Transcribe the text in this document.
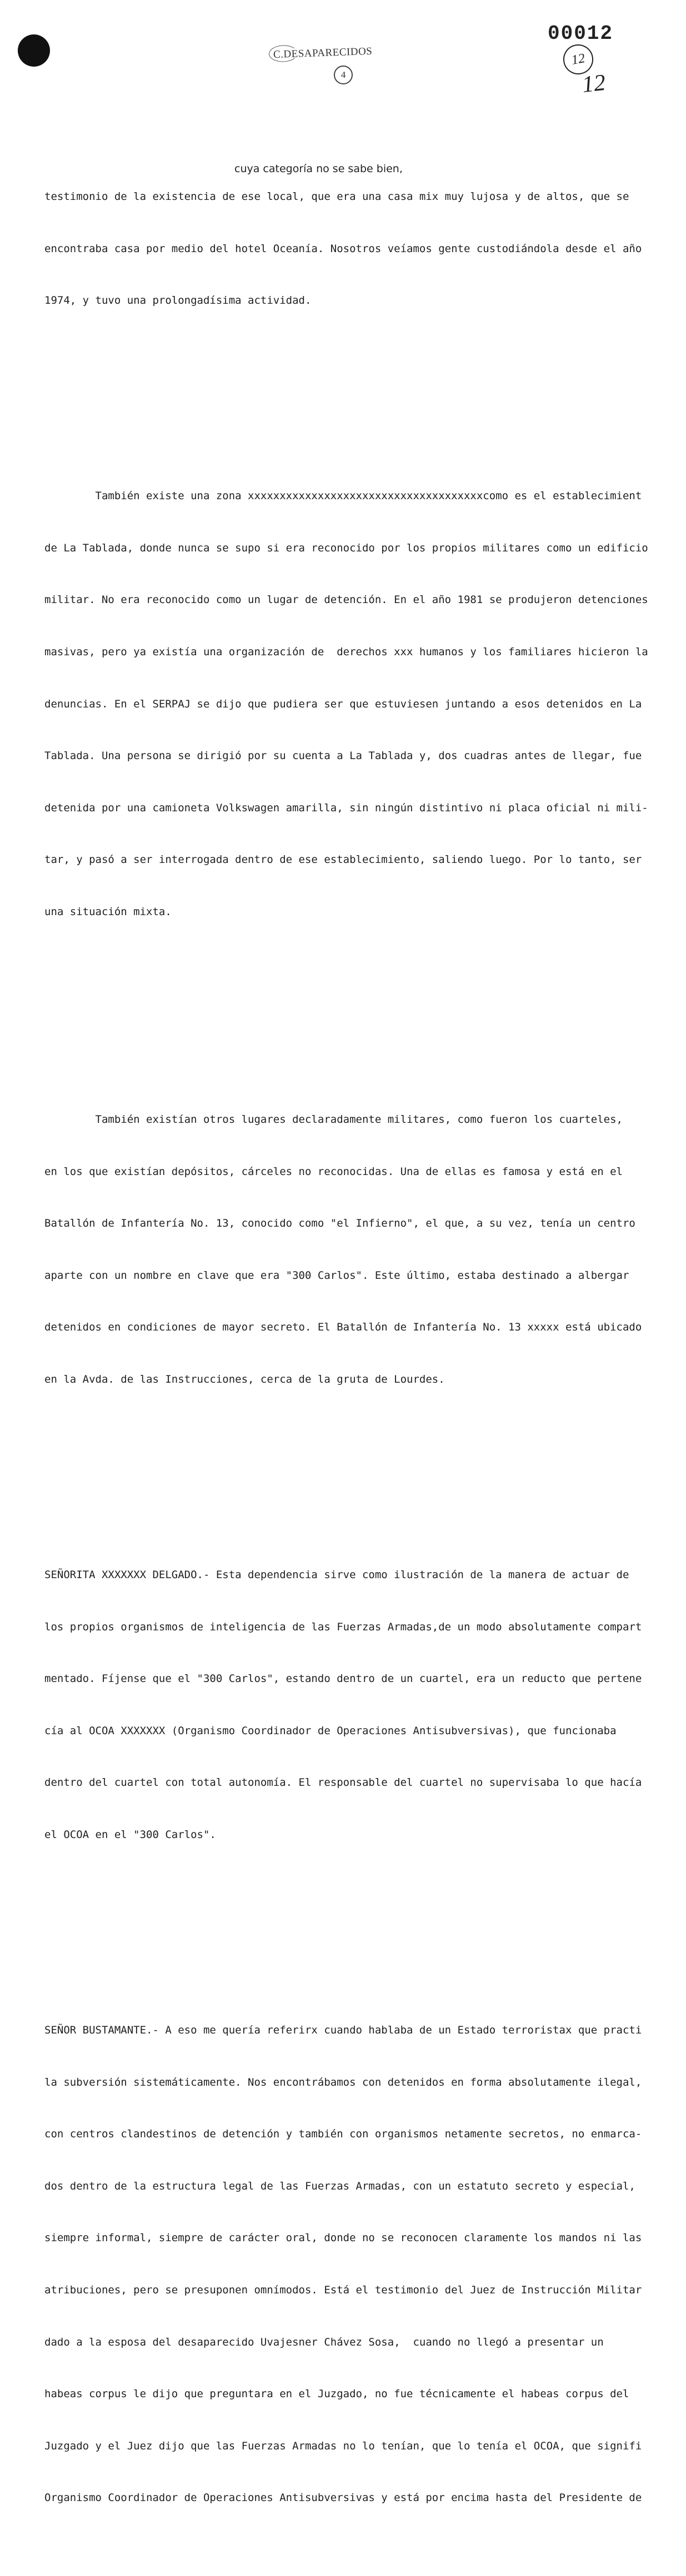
C.DESAPARECIDOS
4
00012
12
12
cuya categoría no se sabe bien,

testimonio de la existencia de ese local, que era una casa mix muy lujosa y de altos, que se

encontraba casa por medio del hotel Oceanía. Nosotros veíamos gente custodiándola desde el año

1974, y tuvo una prolongadísima actividad.

También existe una zona xxxxxxxxxxxxxxxxxxxxxxxxxxxxxxxxxxxxxcomo es el establecimient

de La Tablada, donde nunca se supo si era reconocido por los propios militares como un edificio

militar. No era reconocido como un lugar de detención. En el año 1981 se produjeron detenciones

masivas, pero ya existía una organización de  derechos xxx humanos y los familiares hicieron la

denuncias. En el SERPAJ se dijo que pudiera ser que estuviesen juntando a esos detenidos en La

Tablada. Una persona se dirigió por su cuenta a La Tablada y, dos cuadras antes de llegar, fue

detenida por una camioneta Volkswagen amarilla, sin ningún distintivo ni placa oficial ni mili-

tar, y pasó a ser interrogada dentro de ese establecimiento, saliendo luego. Por lo tanto, ser

una situación mixta.

También existían otros lugares declaradamente militares, como fueron los cuarteles,

en los que existían depósitos, cárceles no reconocidas. Una de ellas es famosa y está en el

Batallón de Infantería No. 13, conocido como "el Infierno", el que, a su vez, tenía un centro

aparte con un nombre en clave que era "300 Carlos". Este último, estaba destinado a albergar

detenidos en condiciones de mayor secreto. El Batallón de Infantería No. 13 xxxxx está ubicado

en la Avda. de las Instrucciones, cerca de la gruta de Lourdes.

SEÑORITA XXXXXXX DELGADO.- Esta dependencia sirve como ilustración de la manera de actuar de

los propios organismos de inteligencia de las Fuerzas Armadas,de un modo absolutamente compart

mentado. Fíjense que el "300 Carlos", estando dentro de un cuartel, era un reducto que pertene

cía al OCOA XXXXXXX (Organismo Coordinador de Operaciones Antisubversivas), que funcionaba

dentro del cuartel con total autonomía. El responsable del cuartel no supervisaba lo que hacía

el OCOA en el "300 Carlos".

SEÑOR BUSTAMANTE.- A eso me quería referirx cuando hablaba de un Estado terroristax que practi

la subversión sistemáticamente. Nos encontrábamos con detenidos en forma absolutamente ilegal,

con centros clandestinos de detención y también con organismos netamente secretos, no enmarca-

dos dentro de la estructura legal de las Fuerzas Armadas, con un estatuto secreto y especial,

siempre informal, siempre de carácter oral, donde no se reconocen claramente los mandos ni las

atribuciones, pero se presuponen omnímodos. Está el testimonio del Juez de Instrucción Militar

dado a la esposa del desaparecido Uvajesner Chávez Sosa,  cuando no llegó a presentar un

habeas corpus le dijo que preguntara en el Juzgado, no fue técnicamente el habeas corpus del

Juzgado y el Juez dijo que las Fuerzas Armadas no lo tenían, que lo tenía el OCOA, que signifi

Organismo Coordinador de Operaciones Antisubversivas y está por encima hasta del Presidente de
